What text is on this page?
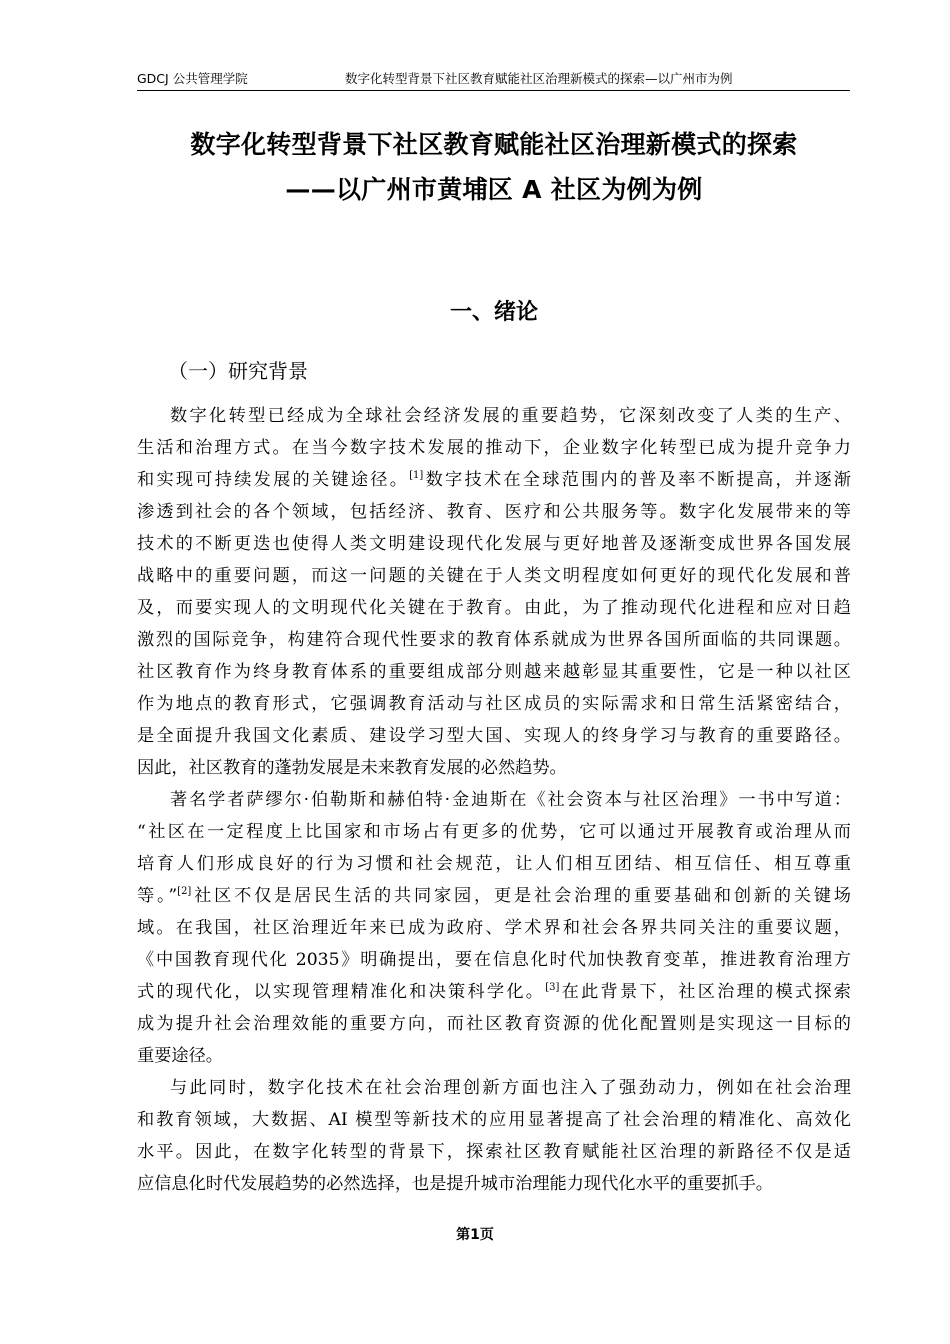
GDCJ 公共管理学院	数字化转型背景下社区教育赋能社区治理新模式的探索—以广州市为例
数字化转型背景下社区教育赋能社区治理新模式的探索
——以广州市黄埔区 A 社区为例为例
一、绪论
（一）研究背景
数字化转型已经成为全球社会经济发展的重要趋势，它深刻改变了人类的生产、
生活和治理方式。在当今数字技术发展的推动下，企业数字化转型已成为提升竞争力
和实现可持续发展的关键途径。[1]数字技术在全球范围内的普及率不断提高，并逐渐
渗透到社会的各个领域，包括经济、教育、医疗和公共服务等。数字化发展带来的等
技术的不断更迭也使得人类文明建设现代化发展与更好地普及逐渐变成世界各国发展
战略中的重要问题，而这一问题的关键在于人类文明程度如何更好的现代化发展和普
及，而要实现人的文明现代化关键在于教育。由此，为了推动现代化进程和应对日趋
激烈的国际竞争，构建符合现代性要求的教育体系就成为世界各国所面临的共同课题。
社区教育作为终身教育体系的重要组成部分则越来越彰显其重要性，它是一种以社区
作为地点的教育形式，它强调教育活动与社区成员的实际需求和日常生活紧密结合，
是全面提升我国文化素质、建设学习型大国、实现人的终身学习与教育的重要路径。
因此，社区教育的蓬勃发展是未来教育发展的必然趋势。
著名学者萨缪尔·伯勒斯和赫伯特·金迪斯在《社会资本与社区治理》一书中写道：
“社区在一定程度上比国家和市场占有更多的优势，它可以通过开展教育或治理从而
培育人们形成良好的行为习惯和社会规范，让人们相互团结、相互信任、相互尊重
等。”[2]社区不仅是居民生活的共同家园，更是社会治理的重要基础和创新的关键场
域。在我国，社区治理近年来已成为政府、学术界和社会各界共同关注的重要议题，
《中国教育现代化 2035》明确提出，要在信息化时代加快教育变革，推进教育治理方
式的现代化，以实现管理精准化和决策科学化。[3]在此背景下，社区治理的模式探索
成为提升社会治理效能的重要方向，而社区教育资源的优化配置则是实现这一目标的
重要途径。
与此同时，数字化技术在社会治理创新方面也注入了强劲动力，例如在社会治理
和教育领域，大数据、AI 模型等新技术的应用显著提高了社会治理的精准化、高效化
水平。因此，在数字化转型的背景下，探索社区教育赋能社区治理的新路径不仅是适
应信息化时代发展趋势的必然选择，也是提升城市治理能力现代化水平的重要抓手。
第1页
